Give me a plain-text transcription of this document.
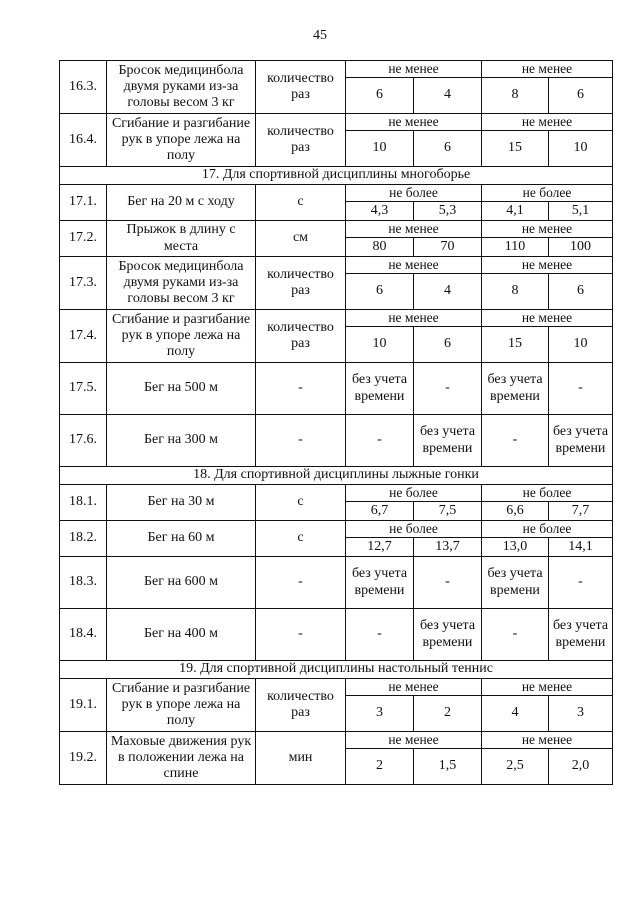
45
16.3.	Бросок медицинбола двумя руками из-за головы весом 3 кг	количество раз	не менее		не менее	
			6	4	8	6
16.4.	Сгибание и разгибание рук в упоре лежа на полу	количество раз	не менее		не менее	
			10	6	15	10
17. Для спортивной дисциплины многоборье						
17.1.	Бег на 20 м с ходу	с	не более		не более	
			4,3	5,3	4,1	5,1
17.2.	Прыжок в длину с места	см	не менее		не менее	
			80	70	110	100
17.3.	Бросок медицинбола двумя руками из-за головы весом 3 кг	количество раз	не менее		не менее	
			6	4	8	6
17.4.	Сгибание и разгибание рук в упоре лежа на полу	количество раз	не менее		не менее	
			10	6	15	10
17.5.	Бег на 500 м	-	без учета времени	-	без учета времени	-
17.6.	Бег на 300 м	-	-	без учета времени	-	без учета времени
18. Для спортивной дисциплины лыжные гонки						
18.1.	Бег на 30 м	с	не более		не более	
			6,7	7,5	6,6	7,7
18.2.	Бег на 60 м	с	не более		не более	
			12,7	13,7	13,0	14,1
18.3.	Бег на 600 м	-	без учета времени	-	без учета времени	-
18.4.	Бег на 400 м	-	-	без учета времени	-	без учета времени
19. Для спортивной дисциплины настольный теннис						
19.1.	Сгибание и разгибание рук в упоре лежа на полу	количество раз	не менее		не менее	
			3	2	4	3
19.2.	Маховые движения рук в положении лежа на спине	мин	не менее		не менее	
			2	1,5	2,5	2,0
